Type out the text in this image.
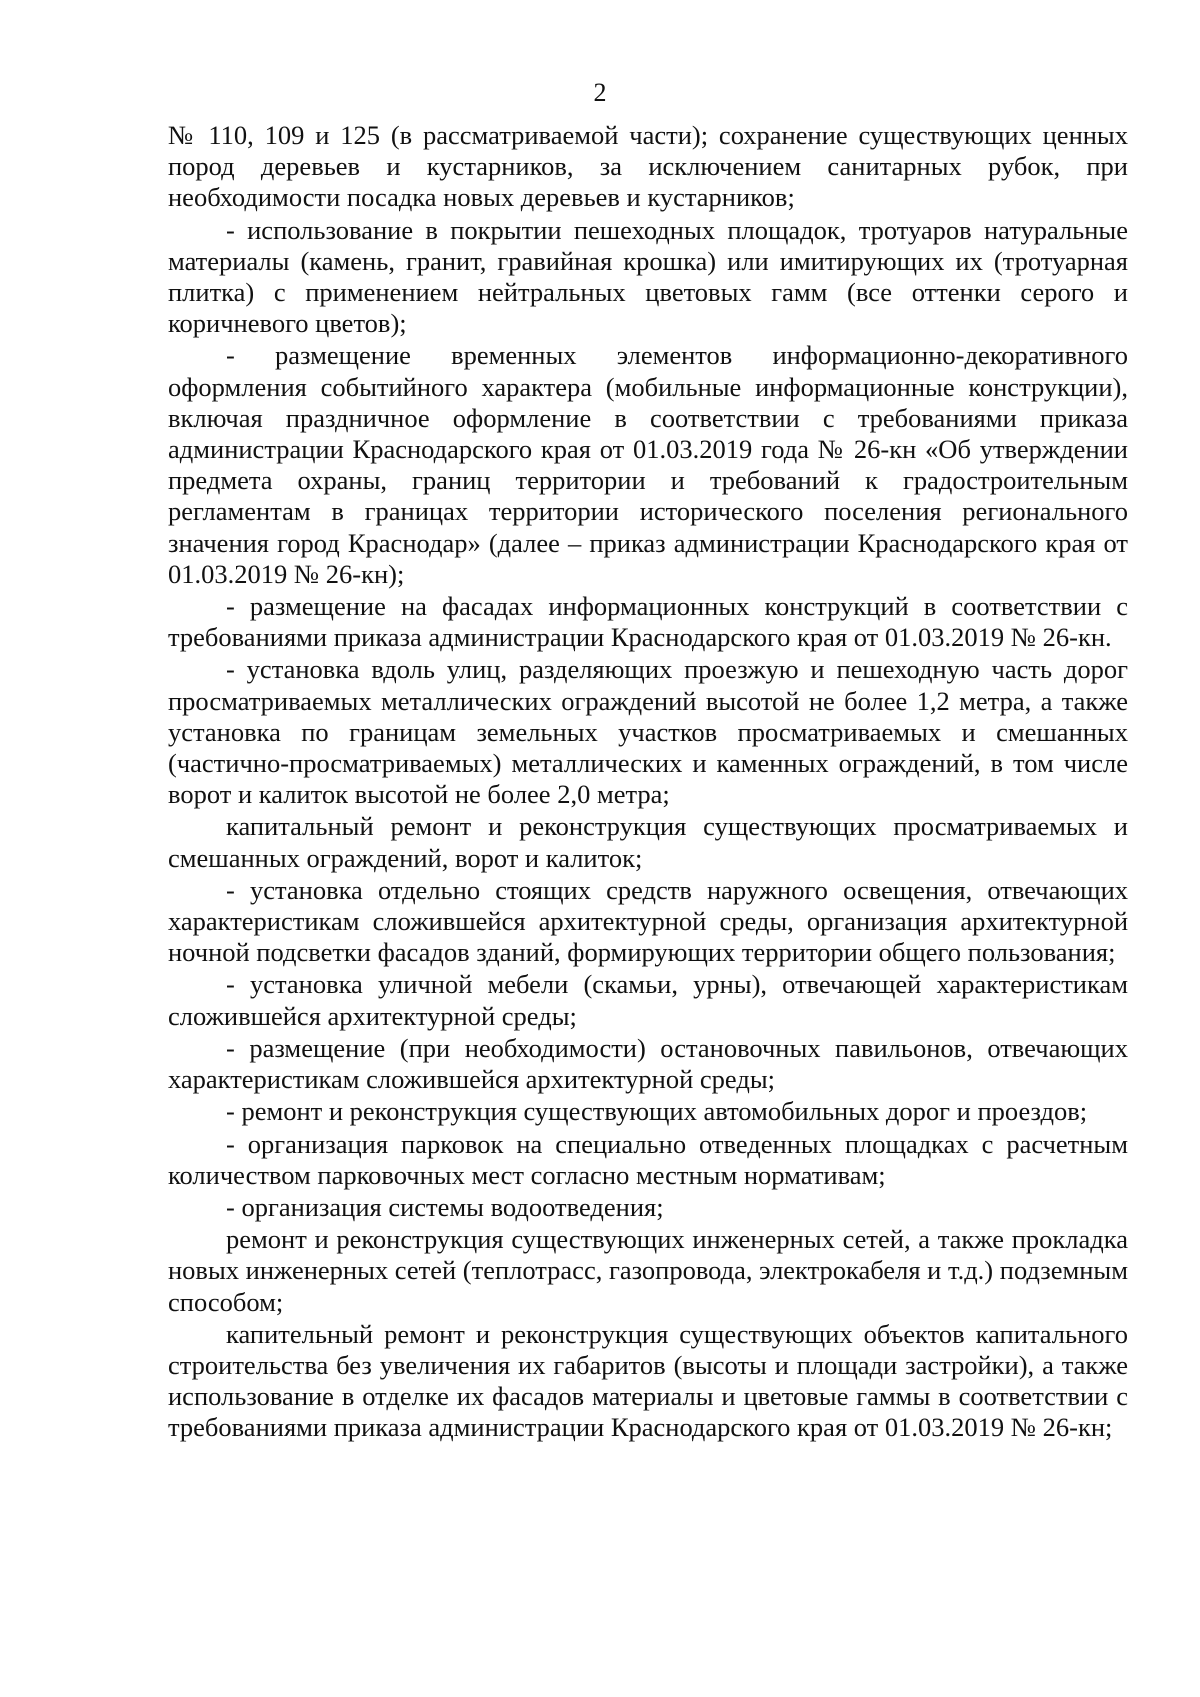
2

№ 110, 109 и 125 (в рассматриваемой части); сохранение существующих ценных пород деревьев и кустарников, за исключением санитарных рубок, при необходимости посадка новых деревьев и кустарников;

- использование в покрытии пешеходных площадок, тротуаров натуральные материалы (камень, гранит, гравийная крошка) или имитирующих их (тротуарная плитка) с применением нейтральных цветовых гамм (все оттенки серого и коричневого цветов);

- размещение временных элементов информационно-декоративного оформления событийного характера (мобильные информационные конструкции), включая праздничное оформление в соответствии с требованиями приказа администрации Краснодарского края от 01.03.2019 года № 26-кн «Об утверждении предмета охраны, границ территории и требований к градостроительным регламентам в границах территории исторического поселения регионального значения город Краснодар» (далее – приказ администрации Краснодарского края от 01.03.2019 № 26-кн);

- размещение на фасадах информационных конструкций в соответствии с требованиями приказа администрации Краснодарского края от 01.03.2019 № 26-кн.

- установка вдоль улиц, разделяющих проезжую и пешеходную часть дорог просматриваемых металлических ограждений высотой не более 1,2 метра, а также установка по границам земельных участков просматриваемых и смешанных (частично-просматриваемых) металлических и каменных ограждений, в том числе ворот и калиток высотой не более 2,0 метра;

капитальный ремонт и реконструкция существующих просматриваемых и смешанных ограждений, ворот и калиток;

- установка отдельно стоящих средств наружного освещения, отвечающих характеристикам сложившейся архитектурной среды, организация архитектурной ночной подсветки фасадов зданий, формирующих территории общего пользования;

- установка уличной мебели (скамьи, урны), отвечающей характеристикам сложившейся архитектурной среды;

- размещение (при необходимости) остановочных павильонов, отвечающих характеристикам сложившейся архитектурной среды;

- ремонт и реконструкция существующих автомобильных дорог и проездов;

- организация парковок на специально отведенных площадках с расчетным количеством парковочных мест согласно местным нормативам;

- организация системы водоотведения;

ремонт и реконструкция существующих инженерных сетей, а также прокладка новых инженерных сетей (теплотрасс, газопровода, электрокабеля и т.д.) подземным способом;

капительный ремонт и реконструкция существующих объектов капитального строительства без увеличения их габаритов (высоты и площади застройки), а также использование в отделке их фасадов материалы и цветовые гаммы в соответствии с требованиями приказа администрации Краснодарского края от 01.03.2019 № 26-кн;
